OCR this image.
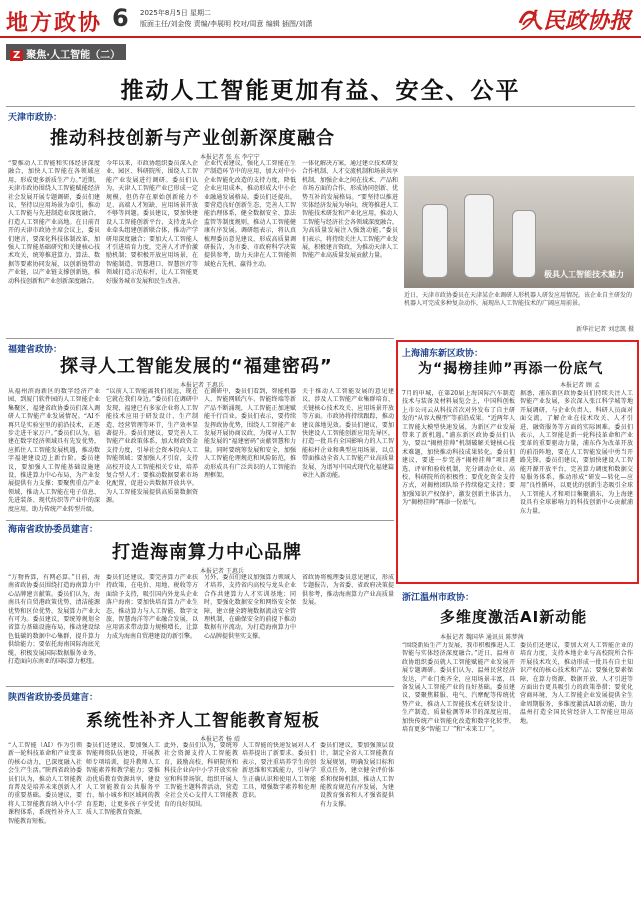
地方政协 6 2025年8月5日 星期二
版面主任/刘金俊 责编/李展明 校对/周意 编辑 插图/刘潇	人民政协报
Z 聚焦·人工智能（二）
推动人工智能更加有益、安全、公平
天津市政协：
推动科技创新与产业创新深度融合
本报记者 张 东 李宁宁
“要推动人工智能和实体经济深度融合，加快人工智能在各领域应用，形成更多新质生产力。”近期，天津市政协围绕人工智能赋能经济社会发展开展专题调研，委员们建议，坚持以应用场景为牵引，推动人工智能与先进制造业深度融合，打造人工智能产业高地。在日前召开的天津市政协主席会议上，委员们建言，要深化科技体制改革，加强人工智能基础研究和关键核心技术攻关，统筹推进算力、算法、数据等要素协同发展，以创新链带动产业链，以产业链支撑创新链，推动科技创新和产业创新深度融合。
今年以来，市政协组织委员深入企业、园区、科研院所，围绕人工智能产业发展进行调研。委员们认为，天津人工智能产业已形成一定规模，但仍存在原始创新能力不足、高端人才短缺、应用场景开放不够等问题。委员建议，要加快建设人工智能创新平台，支持龙头企业牵头组建创新联合体，推动产学研用深度融合；要加大人工智能人才引进培育力度，完善人才评价激励机制；要积极开放应用场景，在智能制造、智慧港口、智慧医疗等领域打造示范标杆，让人工智能更好服务城市发展和民生改善。
企业代表建议，强化人工智能在生产制造环节中的应用，加大对中小企业智能化改造的支持力度，降低企业应用成本，推动形成大中小企业融通发展格局。委员们还提出，要营造良好创新生态，完善人工智能治理体系，健全数据安全、算法监管等制度规则，推动人工智能健康有序发展。调研组表示，将认真梳理委员意见建议，形成高质量调研报告，为市委、市政府科学决策提供参考，助力天津在人工智能领域抢占先机、赢得主动。
一体化解决方案，通过建立技术研发合作机制、人才交流机制和场景共享机制，加强企业之间在技术、产品和市场方面的合作，形成协同创新、优势互补的发展格局。“要坚持以推进实体经济发展为导向，统筹推进人工智能技术研发和产业化应用，推动人工智能与经济社会各领域深度融合，为高质量发展注入强劲动能。”委员们表示，将持续关注人工智能产业发展，积极建言资政，为推动天津人工智能产业高质量发展贡献力量。
极具人工智能技术魅力
近日，天津市政协委员在天津某企业调研人形机器人研发应用情况。该企业自主研发的机器人可完成多种复杂动作，展现出人工智能技术的广阔应用前景。
新华社记者 刘忠凯 摄
福建省政协：
探寻人工智能发展的“福建密码”
本报记者 王惠兵
从福州滨海新区的数字经济产业园，到厦门软件园的人工智能企业集聚区，福建省政协委员们深入调研人工智能产业发展情况。“AI不再只是实验室里的前沿技术，正逐步走进千家万户。”委员们认为，福建在数字经济领域具有先发优势，应抓住人工智能发展机遇，推动数字福建建设迈上新台阶。委员建议，要加强人工智能基础设施建设，推进算力中心布局，为产业发展提供有力支撑；要聚焦重点产业领域，推动人工智能在电子信息、先进装备、现代纺织等产业中的深度应用，助力传统产业转型升级。
“以前人工智能离我们很远，现在它就在我们身边。”委员们在调研中发现，福建已有多家企业将人工智能技术应用于研发设计、生产制造、经营管理等环节，生产效率显著提升。委员们建议，要完善人工智能产业政策体系，加大财政资金支持力度，引导社会资本投向人工智能领域；要加强人才引育，支持高校开设人工智能相关专业，培养复合型人才；要推动数据要素市场化配置，促进公共数据开放共享，为人工智能发展提供高质量数据资源。
在调研中，委员们看到，智能机器人、智能网联汽车、智能终端等新产品不断涌现，人工智能正加速赋能千行百业。委员们表示，要持续发挥政协优势，围绕人工智能产业发展开展协商议政，为探寻人工智能发展的“福建密码”贡献智慧和力量。同时要统筹发展和安全，加强人工智能伦理规范和风险防范，推动形成具有广泛共识的人工智能治理框架。
关于推动人工智能发展的意见建议，涉及人工智能产业集群培育、关键核心技术攻关、应用场景开放等方面。市政协将持续跟踪，推动建议落地见效。委员们建议，要加快建设人工智能创新应用先导区，打造一批具有全国影响力的人工智能标杆企业和典型应用场景，以点带面推动全省人工智能产业高质量发展，为谱写中国式现代化福建篇章注入新动能。
上海浦东新区政协：
为“揭榜挂帅”再添一份底气
本报记者 顾 孟
7月的申城，在第20届上海国际汽车制造技术与装备及材料展览会上，中国科创板上市公司云从科技首次对外发布了自主研发的“从容大模型”等前沿成果。“近两年人工智能大模型快速发展，为新区产业发展带来了新机遇。”浦东新区政协委员们认为，要以“揭榜挂帅”机制破解关键核心技术难题，加快推动科技成果转化。委员们建议，要进一步完善“揭榜挂帅”项目遴选、评审和验收机制，充分调动企业、高校、科研院所的积极性；要优化资金支持方式，对揭榜团队给予持续稳定支持；要加强知识产权保护，激发创新主体活力，为“揭榜挂帅”再添一份底气。
据悉，浦东新区政协委员们持续关注人工智能产业发展，多次深入张江科学城等地开展调研，与企业负责人、科研人员面对面交流，了解企业在技术攻关、人才引进、融资服务等方面的实际困难。委员们表示，人工智能是新一轮科技革命和产业变革的重要驱动力量，浦东作为改革开放的前沿阵地，要在人工智能发展中勇当开路先锋。委员们建议，要加快建设人工智能开源开放平台，完善算力调度和数据交易服务体系，推动形成“研发—转化—应用”良性循环，以更优的创新生态吸引全球人工智能人才和项目集聚浦东，为上海建设具有全球影响力的科技创新中心贡献浦东力量。
海南省政协委员建言：
打造海南算力中心品牌
本报记者 王惠兵
“万物皆算，有网必算。”日前，海南省政协委员围绕打造海南算力中心品牌建言献策。委员们认为，海南具有自贸港政策优势、清洁能源优势和区位优势，发展算力产业大有可为。委员建议，要统筹规划全省算力基础设施布局，推动建设绿色低碳的数据中心集群，提升算力供给能力；要依托海南国际海底光缆，积极发展国际数据服务业务，打造面向东南亚的国际算力枢纽。
委员们还建议，要完善算力产业扶持政策，在电价、用地、税收等方面给予支持，吸引国内外龙头企业落户海南；要加快培育算力产业生态，推动算力与人工智能、数字文旅、智慧海洋等产业融合发展，以应用需求带动算力规模增长，让算力成为海南自贸港建设的新引擎。
另外，委员们建议加强算力领域人才培养，支持省内高校与龙头企业合作共建算力人才实训基地；同时，要强化数据安全和网络安全保障，建立健全跨境数据流动安全管理机制，在确保安全的前提下推动数据有序流动，为打造海南算力中心品牌提供坚实支撑。
省政协将梳理委员意见建议，形成专题报告，为省委、省政府决策提供参考，推动海南算力产业高质量发展。	浙江温州市政协：
多维度激活AI新动能
本报记者 魏国华 通讯员 陈梦茜
“围绕新质生产力发展，我市积极推进人工智能与实体经济深度融合。”近日，温州市政协组织委员就人工智能赋能产业发展开展专题调研。委员们认为，温州民营经济发达，产业门类齐全，应用场景丰富，具备发展人工智能产业的良好基础。委员建议，要聚焦鞋服、电气、汽摩配等传统优势产业，推动人工智能技术在研发设计、生产制造、质量检测等环节的深度应用，加快传统产业智能化改造和数字化转型，培育更多“智能工厂”和“未来工厂”。
委员们还建议，要加大对人工智能企业的培育力度，支持本地企业与高校院所合作开展技术攻关，推动形成一批具有自主知识产权的核心技术和产品；要强化要素保障，在算力资源、数据开放、人才引进等方面出台更具吸引力的政策举措；要优化营商环境，为人工智能企业发展提供全生命周期服务，多维度激活AI新动能，助力温州打造全国民营经济人工智能应用高地。
陕西省政协委员建言：
系统性补齐人工智能教育短板
本报记者 杨 靖
“人工智能（AI）作为引领新一轮科技革命和产业变革的核心动力，已深度融入社会生产生活。”陕西省政协委员们认为，推动人工智能教育普及是培养未来创新人才的重要基础。委员建议，要将人工智能教育纳入中小学课程体系，系统性补齐人工智能教育短板。
委员们还建议，要加强人工智能师资队伍建设，开展教师专项培训，提升教师人工智能素养和教学能力；要推动优质教育资源共享，建设人工智能教育公共服务平台，缩小城乡和区域间的教育差距，让更多孩子享受优质人工智能教育资源。
此外，委员们认为，要统筹社会资源支持人工智能教育，鼓励高校、科研院所和科技企业向中小学开放实验室和科普场馆，组织开展人工智能主题科普活动，营造全社会关心支持人工智能教育的良好氛围。
人工智能的快速发展对人才培养提出了新要求。委员们表示，要注重培养学生的创新思维和实践能力，引导学生正确认识和使用人工智能工具，增强数字素养和伦理意识。
委员们建议，要加强顶层设计，制定全省人工智能教育发展规划，明确发展目标和重点任务，建立健全评价体系和保障机制，推动人工智能教育规范有序发展，为建设教育强省和人才强省提供有力支撑。
